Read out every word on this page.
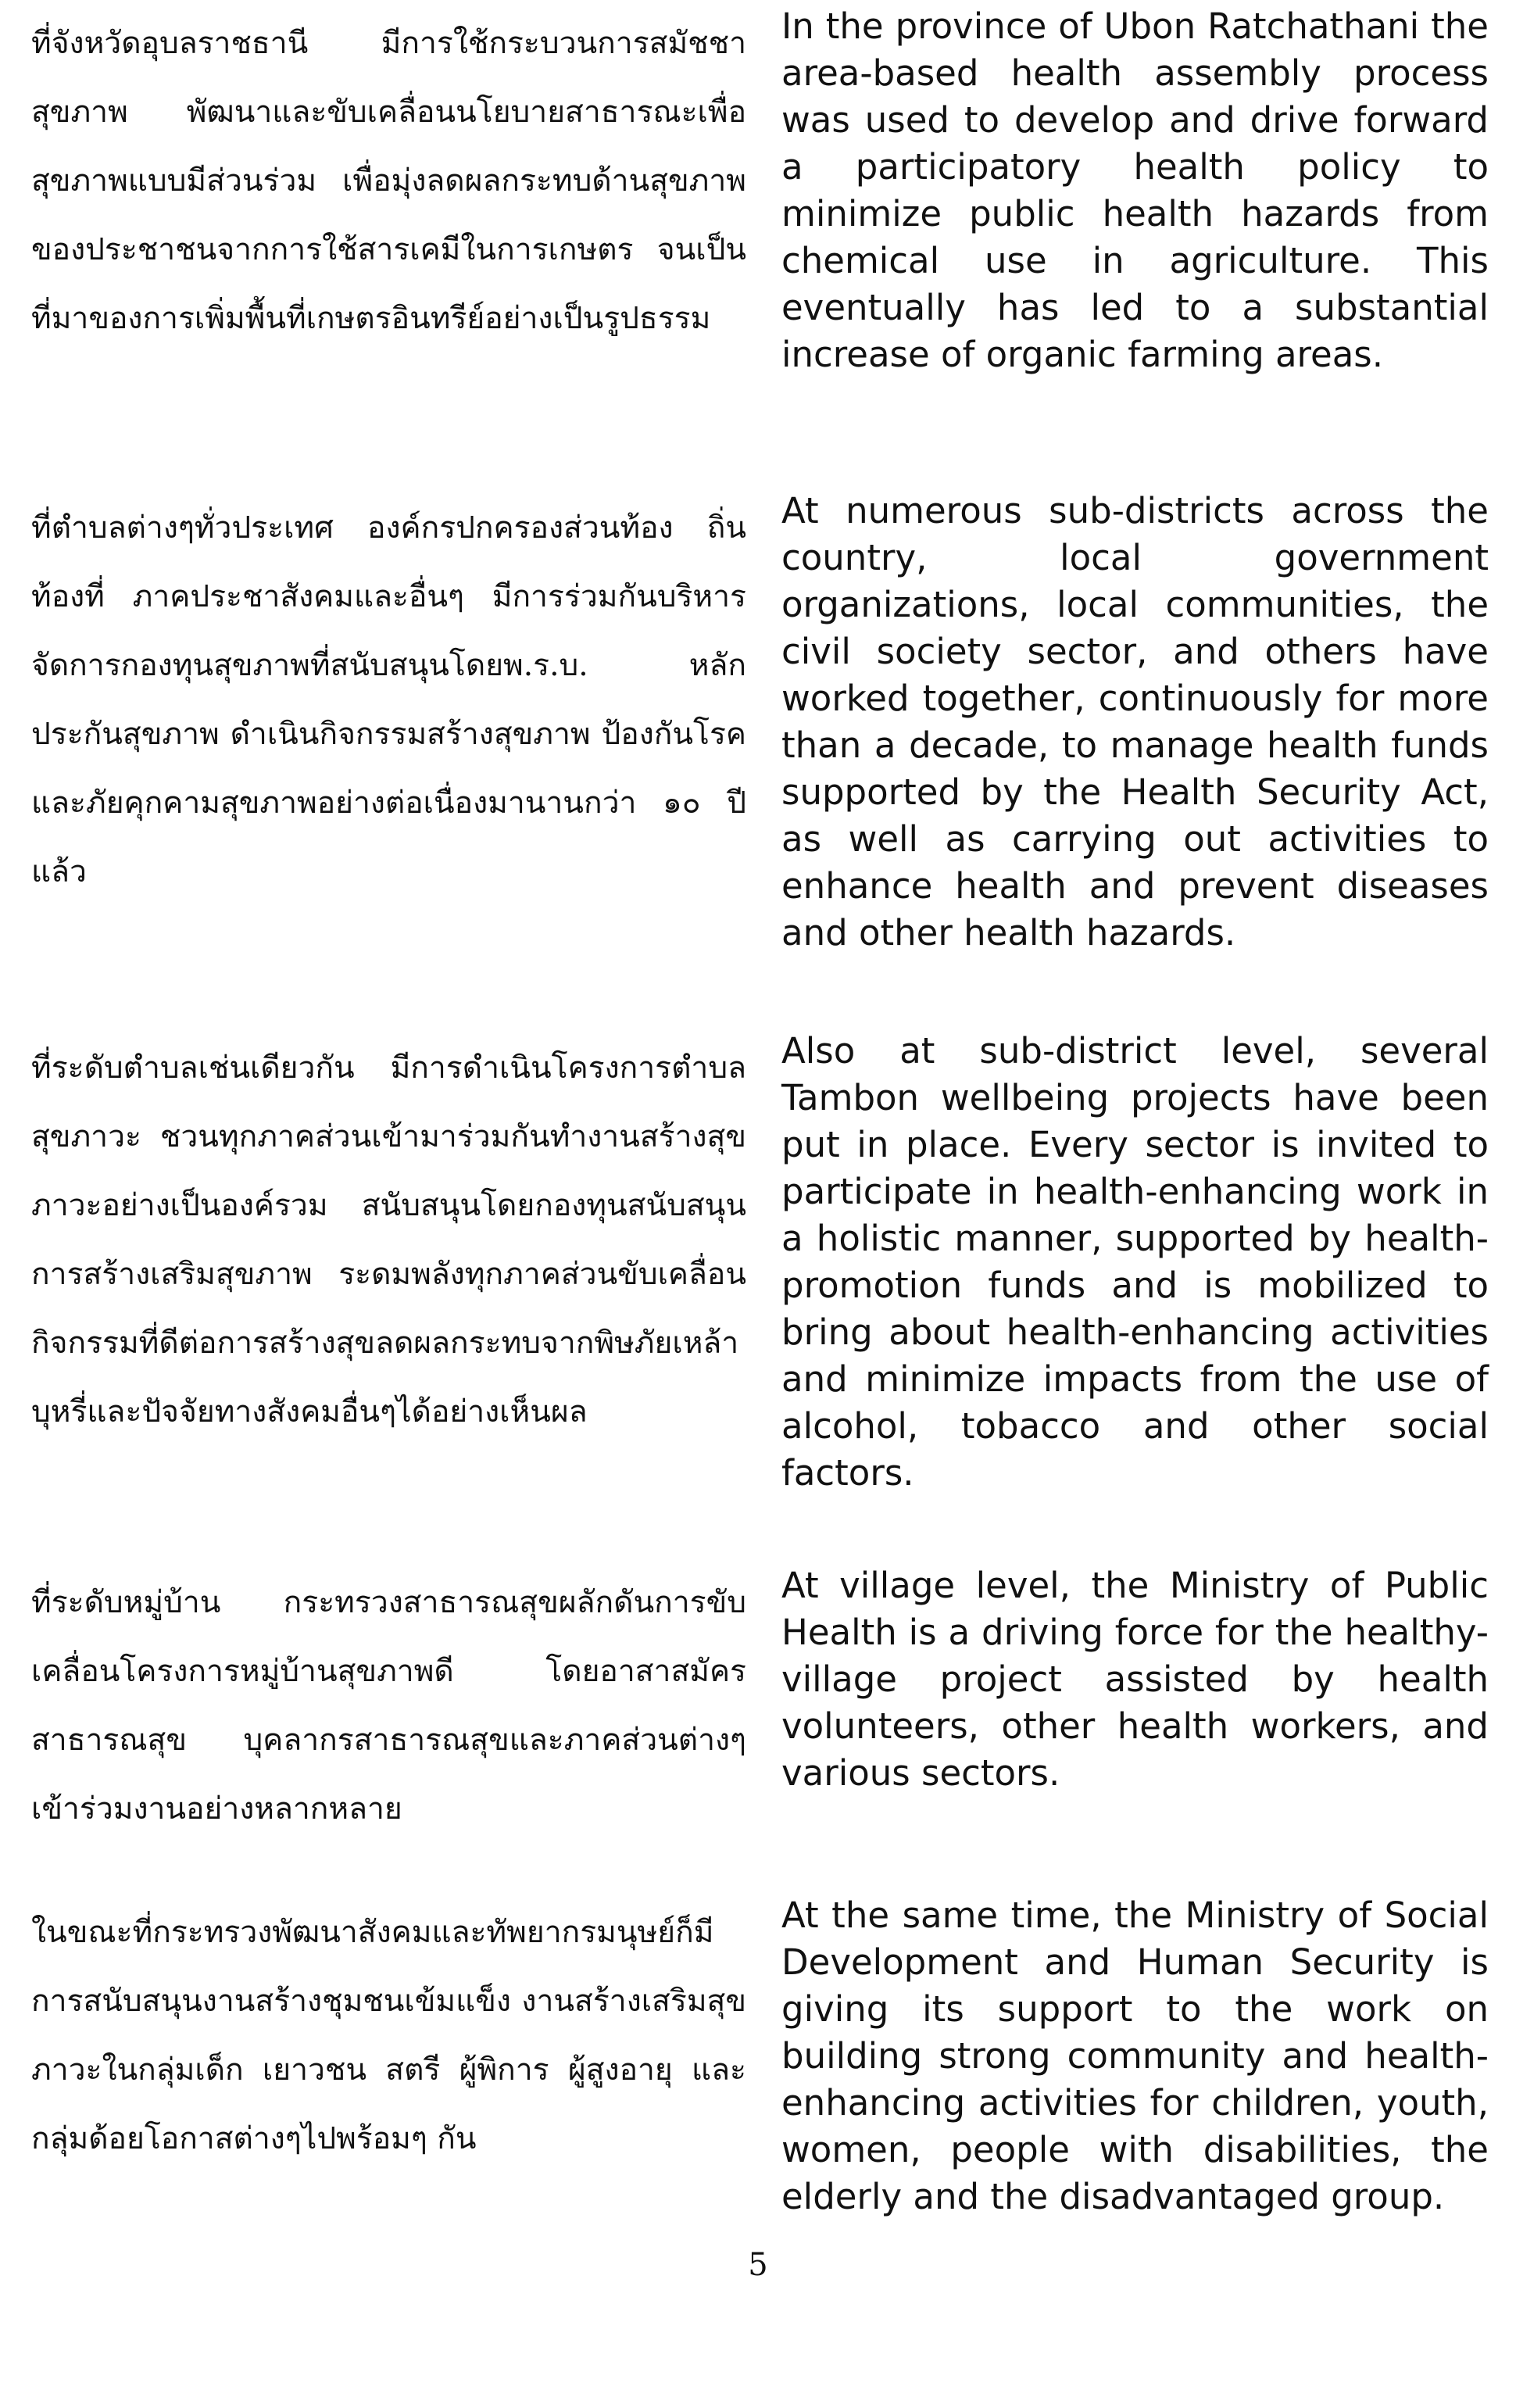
ที่จังหวัดอุบลราชธานี มีการใช้กระบวนการสมัชชาสุขภาพ พัฒนาและขับเคลื่อนนโยบายสาธารณะเพื่อสุขภาพแบบมีส่วนร่วม เพื่อมุ่งลดผลกระทบด้านสุขภาพของประชาชนจากการใช้สารเคมีในการเกษตร จนเป็นที่มาของการเพิ่มพื้นที่เกษตรอินทรีย์อย่างเป็นรูปธรรม

In the province of Ubon Ratchathani the area-based health assembly process was used to develop and drive forward a participatory health policy to minimize public health hazards from chemical use in agriculture. This eventually has led to a substantial increase of organic farming areas.

ที่ตำบลต่างๆทั่วประเทศ องค์กรปกครองส่วนท้อง ถิ่น ท้องที่ ภาคประชาสังคมและอื่นๆ มีการร่วมกันบริหารจัดการกองทุนสุขภาพที่สนับสนุนโดยพ.ร.บ. หลักประกันสุขภาพ ดำเนินกิจกรรมสร้างสุขภาพ ป้องกันโรคและภัยคุกคามสุขภาพอย่างต่อเนื่องมานานกว่า ๑๐ ปีแล้ว

At numerous sub-districts across the country, local government organizations, local communities, the civil society sector, and others have worked together, continuously for more than a decade, to manage health funds supported by the Health Security Act, as well as carrying out activities to enhance health and prevent diseases and other health hazards.

ที่ระดับตำบลเช่นเดียวกัน มีการดำเนินโครงการตำบลสุขภาวะ ชวนทุกภาคส่วนเข้ามาร่วมกันทำงานสร้างสุขภาวะอย่างเป็นองค์รวม สนับสนุนโดยกองทุนสนับสนุนการสร้างเสริมสุขภาพ ระดมพลังทุกภาคส่วนขับเคลื่อนกิจกรรมที่ดีต่อการสร้างสุขลดผลกระทบจากพิษภัยเหล้า บุหรี่และปัจจัยทางสังคมอื่นๆได้อย่างเห็นผล

Also at sub-district level, several Tambon wellbeing projects have been put in place. Every sector is invited to participate in health-enhancing work in a holistic manner, supported by health-promotion funds and is mobilized to bring about health-enhancing activities and minimize impacts from the use of alcohol, tobacco and other social factors.

ที่ระดับหมู่บ้าน กระทรวงสาธารณสุขผลักดันการขับเคลื่อนโครงการหมู่บ้านสุขภาพดี โดยอาสาสมัครสาธารณสุข บุคลากรสาธารณสุขและภาคส่วนต่างๆ เข้าร่วมงานอย่างหลากหลาย

At village level, the Ministry of Public Health is a driving force for the healthy-village project assisted by health volunteers, other health workers, and various sectors.

ในขณะที่กระทรวงพัฒนาสังคมและทัพยากรมนุษย์ก็มีการสนับสนุนงานสร้างชุมชนเข้มแข็ง งานสร้างเสริมสุขภาวะในกลุ่มเด็ก เยาวชน สตรี ผู้พิการ ผู้สูงอายุ และกลุ่มด้อยโอกาสต่างๆไปพร้อมๆ กัน

At the same time, the Ministry of Social Development and Human Security is giving its support to the work on building strong community and health-enhancing activities for children, youth, women, people with disabilities, the elderly and the disadvantaged group.

5
